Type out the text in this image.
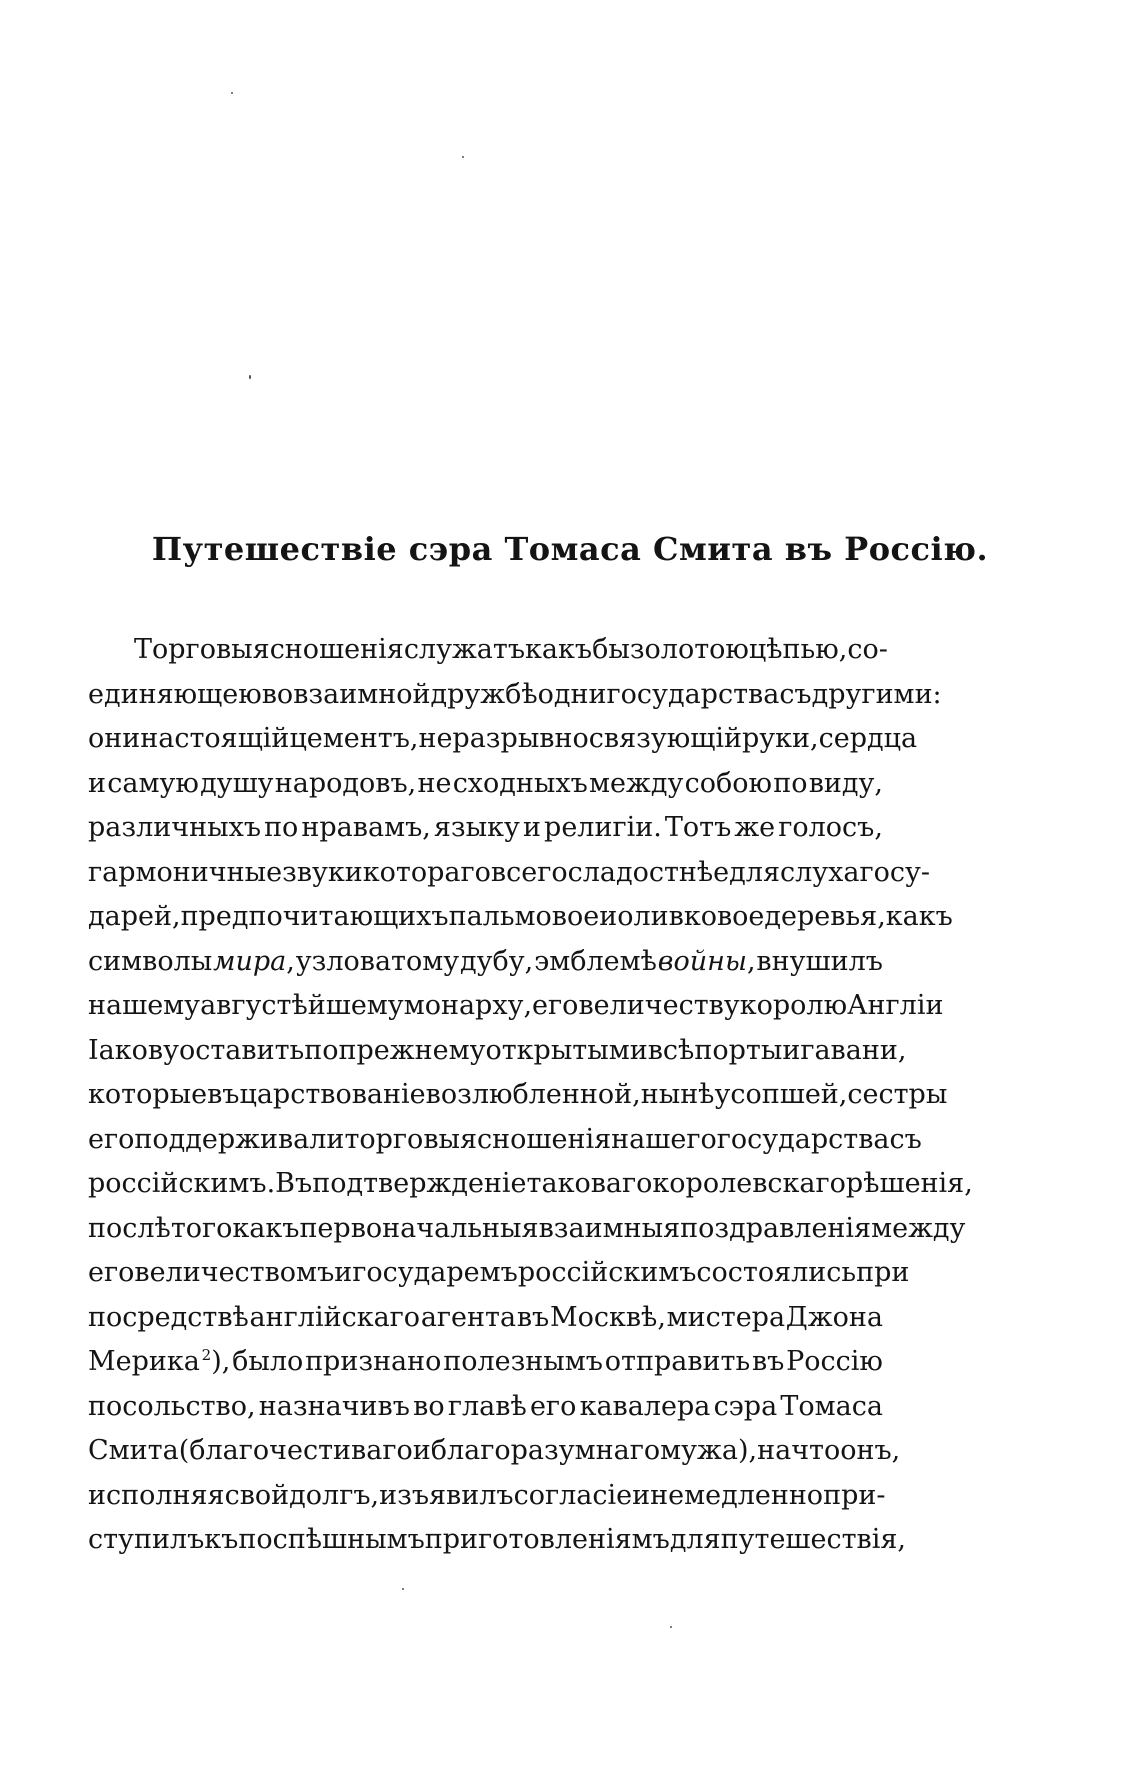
Путешествіе сэра Томаса Смита въ Россію.
Торговыя сношенія служатъ какъ бы золотою цѣпью, со-
единяющею во взаимной дружбѣ одни государства съ другими:
они настоящій цементъ, неразрывно связующій руки, сердца
и самую душу народовъ, не сходныхъ между собою по виду,
различныхъ по нравамъ, языку и религіи. Тотъ же голосъ,
гармоничные звуки котораго всего сладостнѣе для слуха госу-
дарей, предпочитающихъ пальмовое и оливковое деревья, какъ
символы мира, узловатому дубу, эмблемѣ войны, внушилъ
нашему августѣйшему монарху, его величеству королю Англіи
Іакову оставить по прежнему открытыми всѣ порты и гавани,
которые въ царствованіе возлюбленной, нынѣ усопшей, сестры
его поддерживали торговыя сношенія нашего государства съ
россійскимъ. Въ подтвержденіе таковаго королевскаго рѣшенія,
послѣ того какъ первоначальныя взаимныя поздравленія между
его величествомъ и государемъ россійскимъ состоялись при
посредствѣ англійскаго агента въ Москвѣ, мистера Джона
Мерика $^2$), было признано полезнымъ отправить въ Россію
посольство, назначивъ во главѣ его кавалера сэра Томаса
Смита (благочестиваго и благоразумнаго мужа), на что онъ,
исполняя свой долгъ, изъявилъ согласіе и немедленно при-
ступилъ къ поспѣшнымъ приготовленіямъ для путешествія,
